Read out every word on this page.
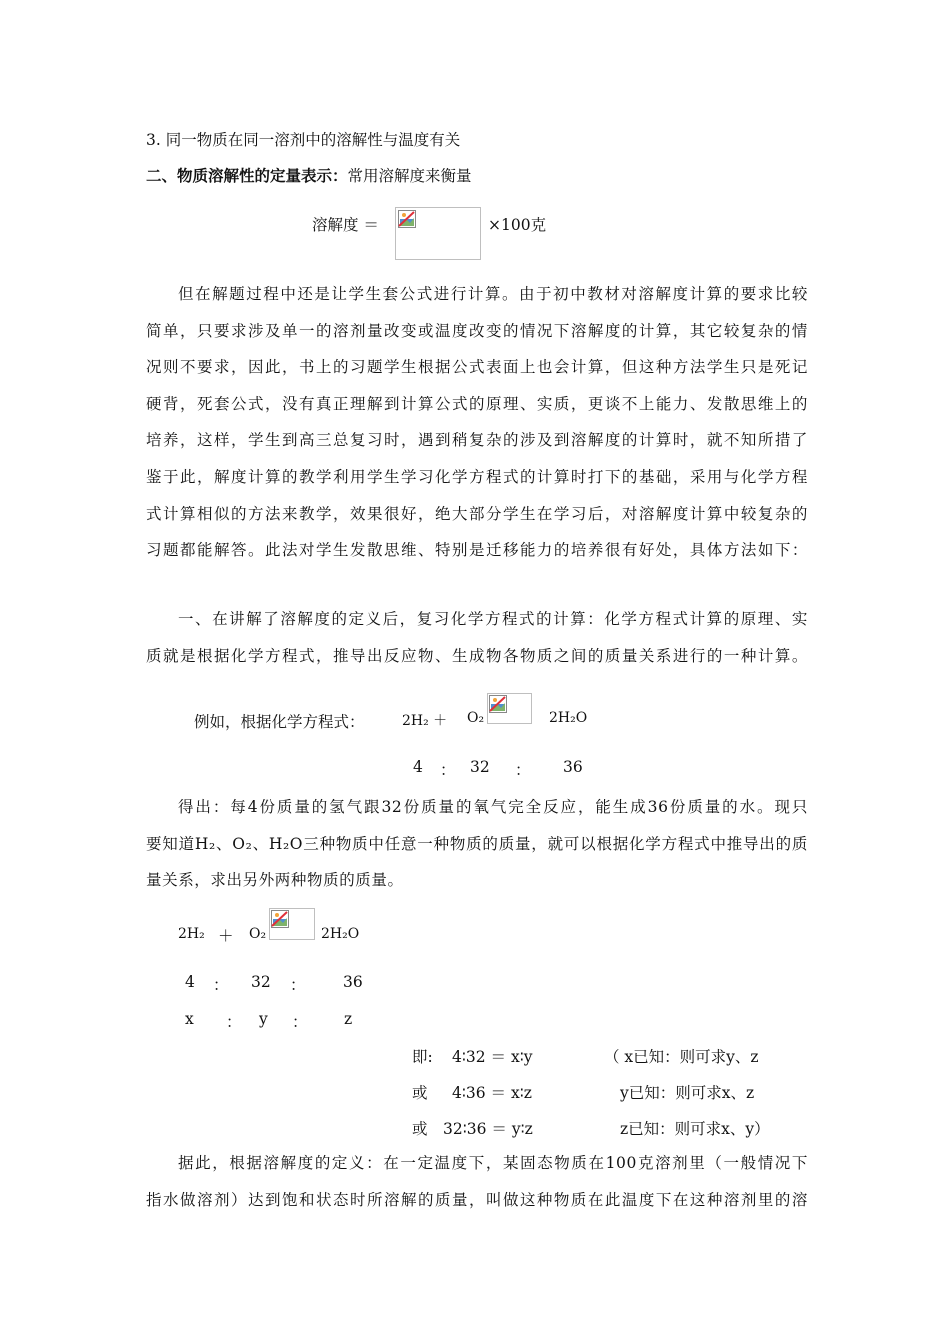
3. 同一物质在同一溶剂中的溶解性与温度有关
二、物质溶解性的定量表示：常用溶解度来衡量
溶解度 ＝	×100克
但在解题过程中还是让学生套公式进行计算。由于初中教材对溶解度计算的要求比较
简单，只要求涉及单一的溶剂量改变或温度改变的情况下溶解度的计算，其它较复杂的情
况则不要求，因此，书上的习题学生根据公式表面上也会计算，但这种方法学生只是死记
硬背，死套公式，没有真正理解到计算公式的原理、实质，更谈不上能力、发散思维上的
培养，这样，学生到高三总复习时，遇到稍复杂的涉及到溶解度的计算时，就不知所措了
鉴于此，解度计算的教学利用学生学习化学方程式的计算时打下的基础，采用与化学方程
式计算相似的方法来教学，效果很好，绝大部分学生在学习后，对溶解度计算中较复杂的
习题都能解答。此法对学生发散思维、特别是迁移能力的培养很有好处，具体方法如下：
一、在讲解了溶解度的定义后，复习化学方程式的计算：化学方程式计算的原理、实
质就是根据化学方程式，推导出反应物、生成物各物质之间的质量关系进行的一种计算。
例如，根据化学方程式：	2H₂ ＋ O₂	2H₂O
4 ： 32 ： 36
得出：每4份质量的氢气跟32份质量的氧气完全反应，能生成36份质量的水。现只
要知道H₂、O₂、H₂O三种物质中任意一种物质的质量，就可以根据化学方程式中推导出的质
量关系，求出另外两种物质的质量。
2H₂ ＋ O₂	2H₂O
4 ： 32 ： 36
x ： y ： z
即: 4∶32 ＝ x∶y	（ x已知：则可求y、z
或 4∶36 ＝ x∶z	y已知：则可求x、z
或 32∶36 ＝ y∶z	z已知：则可求x、y）
据此，根据溶解度的定义：在一定温度下，某固态物质在100克溶剂里（一般情况下
指水做溶剂）达到饱和状态时所溶解的质量，叫做这种物质在此温度下在这种溶剂里的溶
